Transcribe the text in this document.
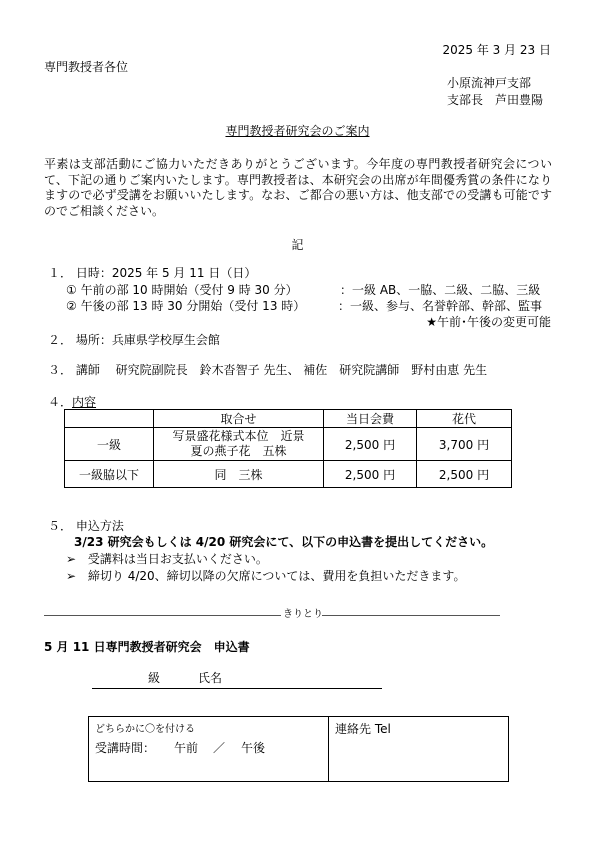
2025 年 3 月 23 日
専門教授者各位
小原流神戸支部
支部長　芦田豊陽
専門教授者研究会のご案内
平素は支部活動にご協力いただきありがとうございます。今年度の専門教授者研究会について、下記の通りご案内いたします。専門教授者は、本研究会の出席が年間優秀賞の条件になりますので必ず受講をお願いいたします。なお、ご都合の悪い方は、他支部での受講も可能ですのでご相談ください。
記
１． 日時：2025 年 5 月 11 日（日）
① 午前の部 10 時開始（受付 9 時 30 分）	：一級 AB、一脇、二級、二脇、三級
② 午後の部 13 時 30 分開始（受付 13 時）	：一級、参与、名誉幹部、幹部、監事
★午前･午後の変更可能
２． 場所：兵庫県学校厚生会館
３． 講師　 研究院副院長　鈴木沓智子 先生、 補佐　研究院講師　野村由恵 先生
４．内容
	取合せ	当日会費	花代
一級	写景盛花様式本位　近景
夏の燕子花　五株	2,500 円	3,700 円
一級脇以下	同　三株	2,500 円	2,500 円
５． 申込方法
3/23 研究会もしくは 4/20 研究会にて、以下の申込書を提出してください。
➢ 受講料は当日お支払いください。
➢ 締切り 4/20、締切以降の欠席については、費用を負担いただきます。
きりとり
5 月 11 日専門教授者研究会　申込書
級	氏名
どちらかに〇を付ける
受講時間： 午前 ／ 午後
連絡先 Tel
